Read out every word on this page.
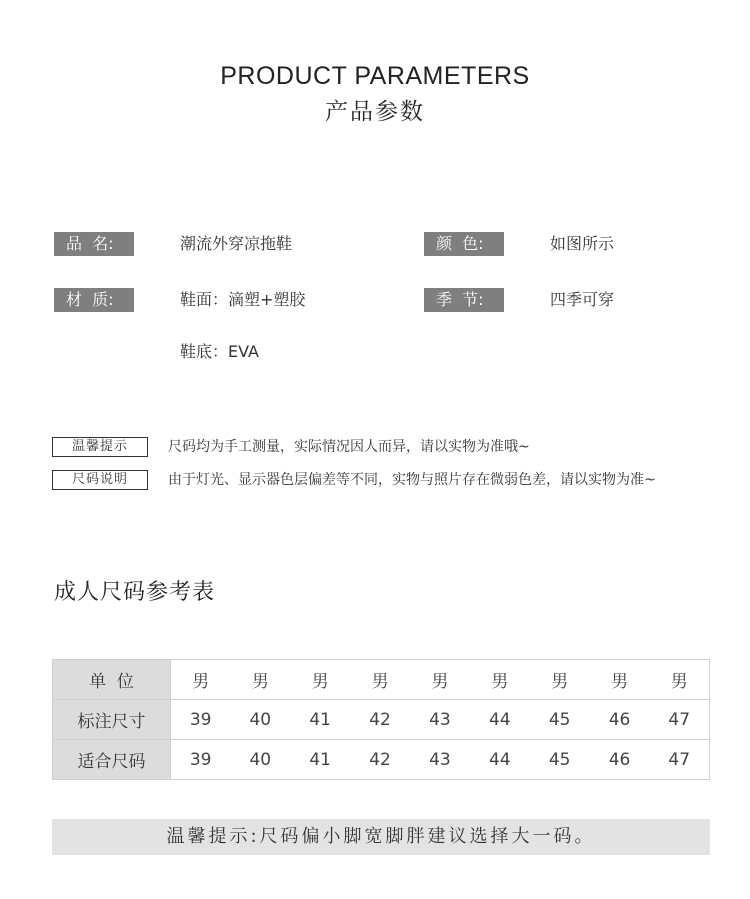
PRODUCT PARAMETERS
产品参数
品  名:	潮流外穿凉拖鞋	颜  色:	如图所示
材  质:	鞋面：滴塑+塑胶	季  节:	四季可穿
鞋底：EVA
温馨提示	尺码均为手工测量，实际情况因人而异，请以实物为准哦~
尺码说明	由于灯光、显示器色层偏差等不同，实物与照片存在微弱色差，请以实物为准~
成人尺码参考表
单  位	男	男	男	男	男	男	男	男	男
标注尺寸	39	40	41	42	43	44	45	46	47
适合尺码	39	40	41	42	43	44	45	46	47
温馨提示:尺码偏小脚宽脚胖建议选择大一码。
